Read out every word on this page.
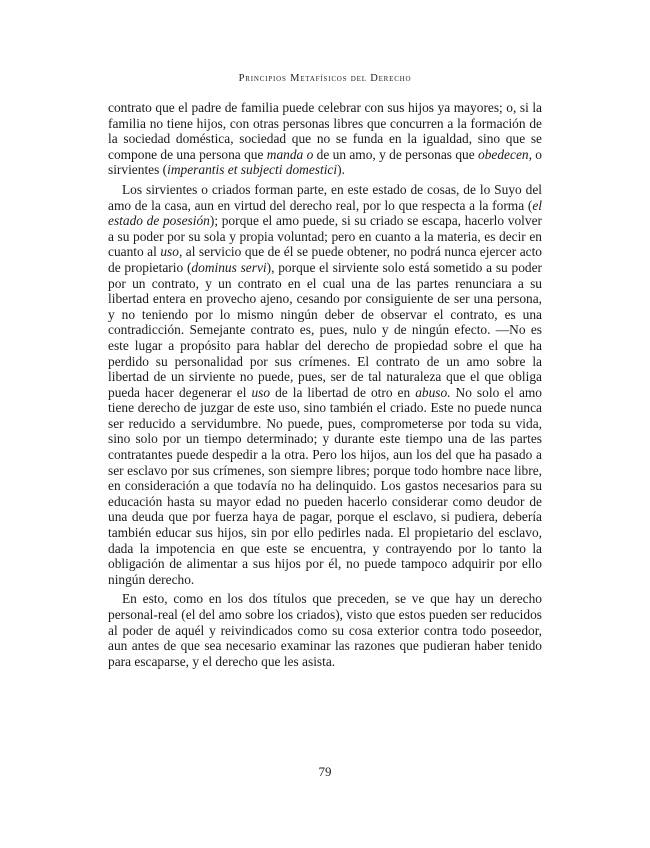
Principios Metafísicos del Derecho

contrato que el padre de familia puede celebrar con sus hijos ya mayores; o, si la familia no tiene hijos, con otras personas libres que concurren a la formación de la sociedad doméstica, sociedad que no se funda en la igualdad, sino que se compone de una persona que manda o de un amo, y de personas que obedecen, o sirvientes (imperantis et subjecti domestici).

Los sirvientes o criados forman parte, en este estado de cosas, de lo Suyo del amo de la casa, aun en virtud del derecho real, por lo que respecta a la forma (el estado de posesión); porque el amo puede, si su criado se escapa, hacerlo volver a su poder por su sola y propia voluntad; pero en cuanto a la materia, es decir en cuanto al uso, al servicio que de él se puede obtener, no podrá nunca ejercer acto de propietario (dominus servi), porque el sirviente solo está sometido a su poder por un contrato, y un contrato en el cual una de las partes renunciara a su libertad entera en provecho ajeno, cesando por consiguiente de ser una persona, y no teniendo por lo mismo ningún deber de observar el contrato, es una contradicción. Semejante contrato es, pues, nulo y de ningún efecto. —No es este lugar a propósito para hablar del derecho de propiedad sobre el que ha perdido su personalidad por sus crímenes. El contrato de un amo sobre la libertad de un sirviente no puede, pues, ser de tal naturaleza que el que obliga pueda hacer degenerar el uso de la libertad de otro en abuso. No solo el amo tiene derecho de juzgar de este uso, sino también el criado. Este no puede nunca ser reducido a servidumbre. No puede, pues, comprometerse por toda su vida, sino solo por un tiempo determinado; y durante este tiempo una de las partes contratantes puede despedir a la otra. Pero los hijos, aun los del que ha pasado a ser esclavo por sus crímenes, son siempre libres; porque todo hombre nace libre, en consideración a que todavía no ha delinquido. Los gastos necesarios para su educación hasta su mayor edad no pueden hacerlo considerar como deudor de una deuda que por fuerza haya de pagar, porque el esclavo, si pudiera, debería también educar sus hijos, sin por ello pedirles nada. El propietario del esclavo, dada la impotencia en que este se encuentra, y contrayendo por lo tanto la obligación de alimentar a sus hijos por él, no puede tampoco adquirir por ello ningún derecho.

En esto, como en los dos títulos que preceden, se ve que hay un derecho personal-real (el del amo sobre los criados), visto que estos pueden ser reducidos al poder de aquél y reivindicados como su cosa exterior contra todo poseedor, aun antes de que sea necesario examinar las razones que pudieran haber tenido para escaparse, y el derecho que les asista.

79
